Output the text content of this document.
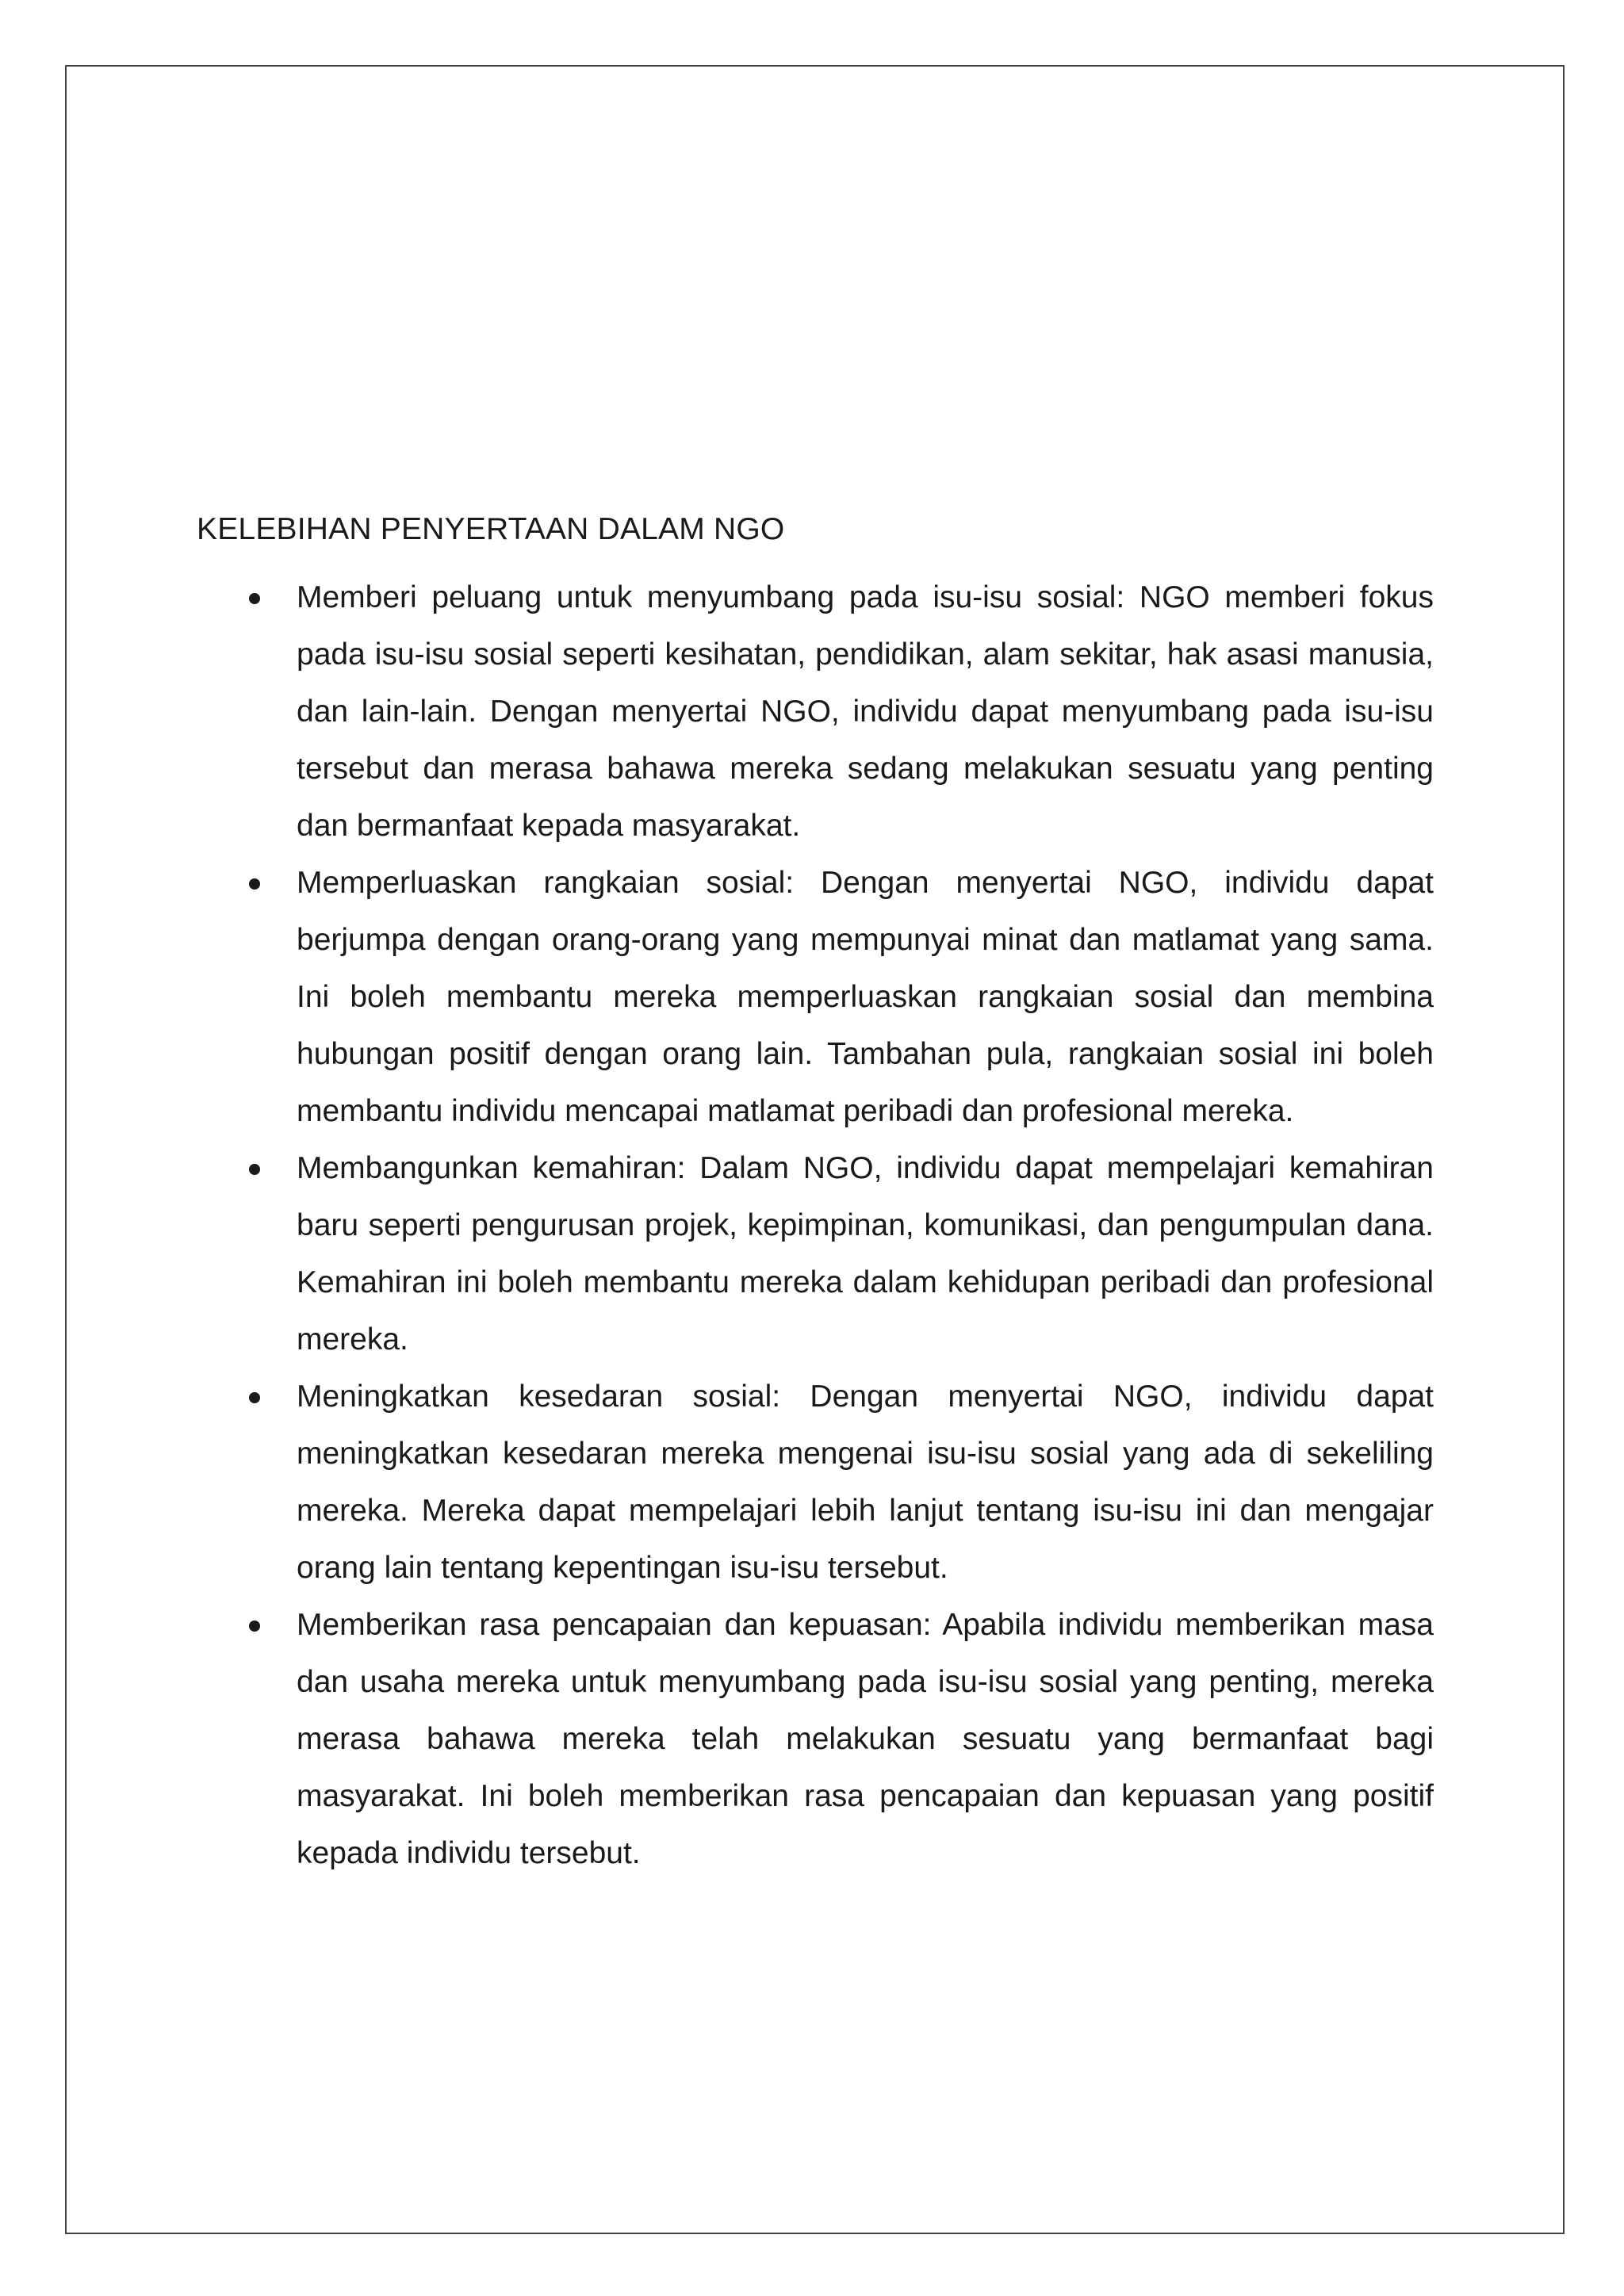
KELEBIHAN PENYERTAAN DALAM NGO
Memberi peluang untuk menyumbang pada isu-isu sosial: NGO memberi fokus pada isu-isu sosial seperti kesihatan, pendidikan, alam sekitar, hak asasi manusia, dan lain-lain. Dengan menyertai NGO, individu dapat menyumbang pada isu-isu tersebut dan merasa bahawa mereka sedang melakukan sesuatu yang penting dan bermanfaat kepada masyarakat.
Memperluaskan rangkaian sosial: Dengan menyertai NGO, individu dapat berjumpa dengan orang-orang yang mempunyai minat dan matlamat yang sama. Ini boleh membantu mereka memperluaskan rangkaian sosial dan membina hubungan positif dengan orang lain. Tambahan pula, rangkaian sosial ini boleh membantu individu mencapai matlamat peribadi dan profesional mereka.
Membangunkan kemahiran: Dalam NGO, individu dapat mempelajari kemahiran baru seperti pengurusan projek, kepimpinan, komunikasi, dan pengumpulan dana. Kemahiran ini boleh membantu mereka dalam kehidupan peribadi dan profesional mereka.
Meningkatkan kesedaran sosial: Dengan menyertai NGO, individu dapat meningkatkan kesedaran mereka mengenai isu-isu sosial yang ada di sekeliling mereka. Mereka dapat mempelajari lebih lanjut tentang isu-isu ini dan mengajar orang lain tentang kepentingan isu-isu tersebut.
Memberikan rasa pencapaian dan kepuasan: Apabila individu memberikan masa dan usaha mereka untuk menyumbang pada isu-isu sosial yang penting, mereka merasa bahawa mereka telah melakukan sesuatu yang bermanfaat bagi masyarakat. Ini boleh memberikan rasa pencapaian dan kepuasan yang positif kepada individu tersebut.
